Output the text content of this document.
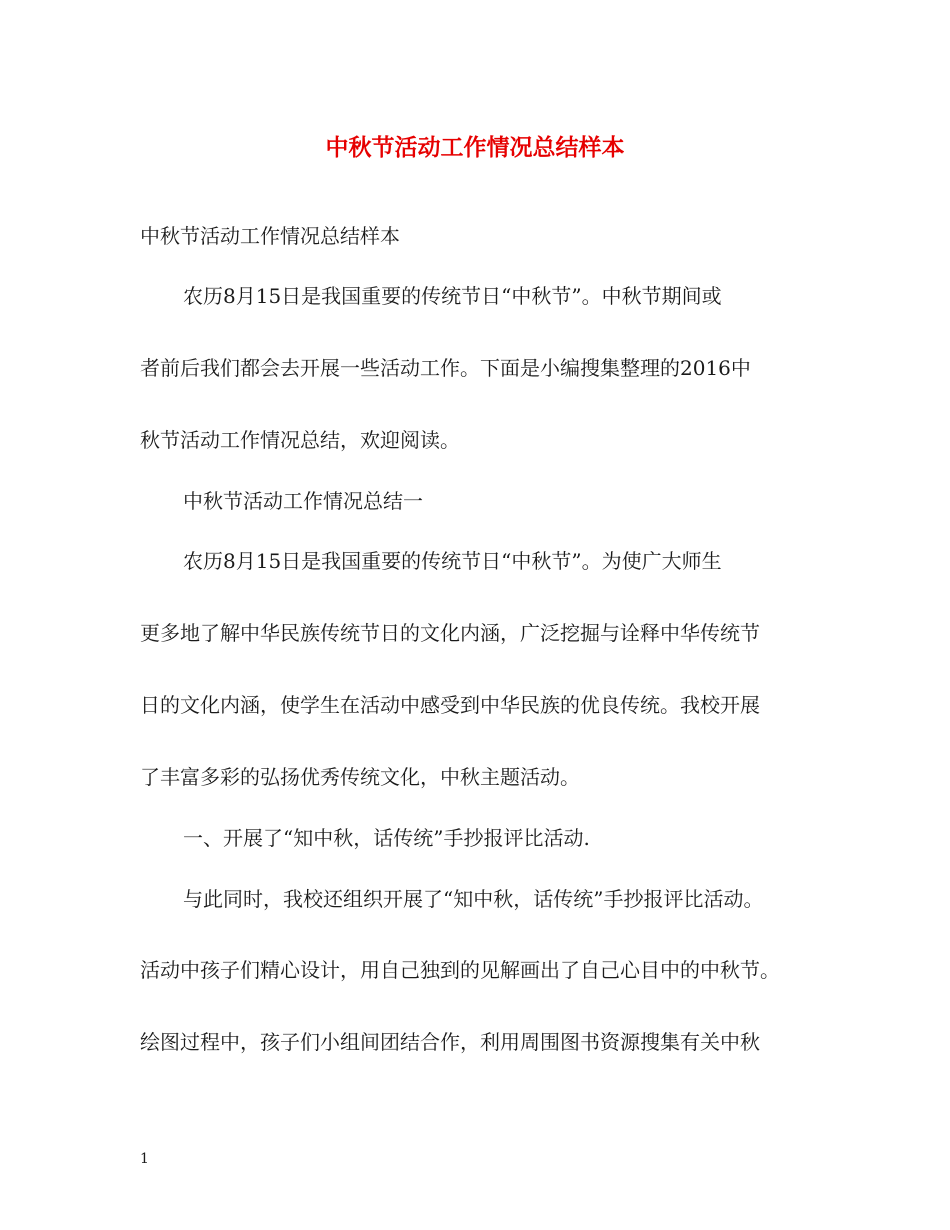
中秋节活动工作情况总结样本

中秋节活动工作情况总结样本

农历8月15日是我国重要的传统节日“中秋节”。中秋节期间或

者前后我们都会去开展一些活动工作。下面是小编搜集整理的2016中

秋节活动工作情况总结，欢迎阅读。

中秋节活动工作情况总结一

农历8月15日是我国重要的传统节日“中秋节”。为使广大师生

更多地了解中华民族传统节日的文化内涵，广泛挖掘与诠释中华传统节

日的文化内涵，使学生在活动中感受到中华民族的优良传统。我校开展

了丰富多彩的弘扬优秀传统文化，中秋主题活动。

一、开展了“知中秋，话传统”手抄报评比活动.

与此同时，我校还组织开展了“知中秋，话传统”手抄报评比活动。

活动中孩子们精心设计，用自己独到的见解画出了自己心目中的中秋节。

绘图过程中，孩子们小组间团结合作，利用周围图书资源搜集有关中秋

1
